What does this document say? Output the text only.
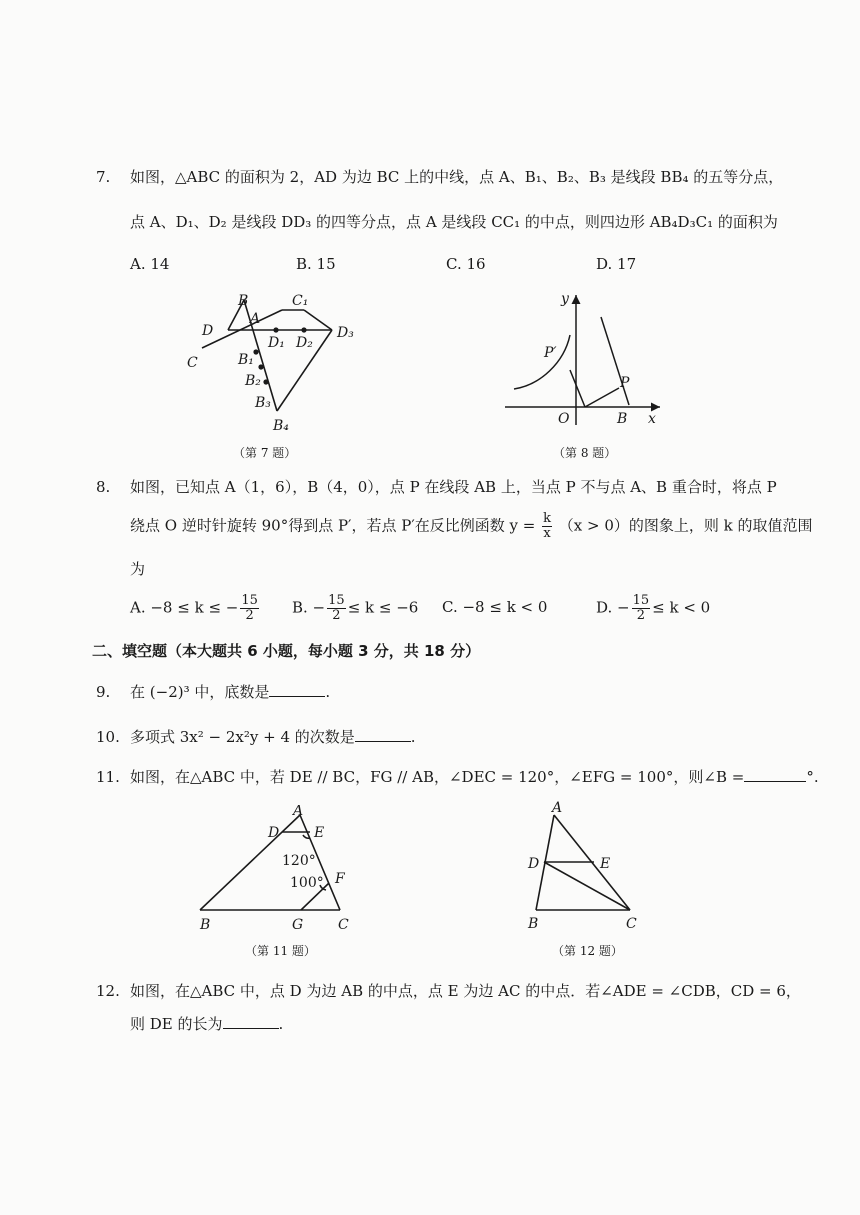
7. 如图，△ABC 的面积为 2，AD 为边 BC 上的中线，点 A、B₁、B₂、B₃ 是线段 BB₄ 的五等分点，
点 A、D₁、D₂ 是线段 DD₃ 的四等分点，点 A 是线段 CC₁ 的中点，则四边形 AB₄D₃C₁ 的面积为
A. 14	B. 15	C. 16	D. 17
B	C₁
D
A
D₁ D₂
D₃
C	B₁
B₂
B₃
B₄
（第 7 题）
y
P′
P
O	B x
（第 8 题）
8. 如图，已知点 A（1，6），B（4，0），点 P 在线段 AB 上，当点 P 不与点 A、B 重合时，将点 P
绕点 O 逆时针旋转 90°得到点 P′，若点 P′在反比例函数 $y = \frac{k}{x} (x > 0)$的图象上，则 k 的取值范围
为
A. −8 ≤ k ≤ − $\frac{15}{2} B$. − $\frac{15}{2} \le k \le -6$ C. −8 ≤ k < 0	D. − $\frac{15}{2} \le k < 0$
二、填空题（本大题共 6 小题，每小题 3 分，共 18 分）
9. 在 (−2)³ 中，底数是	.
10. 多项式 3x² − 2x²y + 4 的次数是	.
11. 如图，在△ABC 中，若 DE // BC，FG // AB，∠DEC = 120°，∠EFG = 100°，则∠B =	°.
A
D E
120°
100° F
B	G C
（第 11 题）
A
D	E
B	C
（第 12 题）
12. 如图，在△ABC 中，点 D 为边 AB 的中点，点 E 为边 AC 的中点．若∠ADE = ∠CDB，CD = 6，
则 DE 的长为	.
